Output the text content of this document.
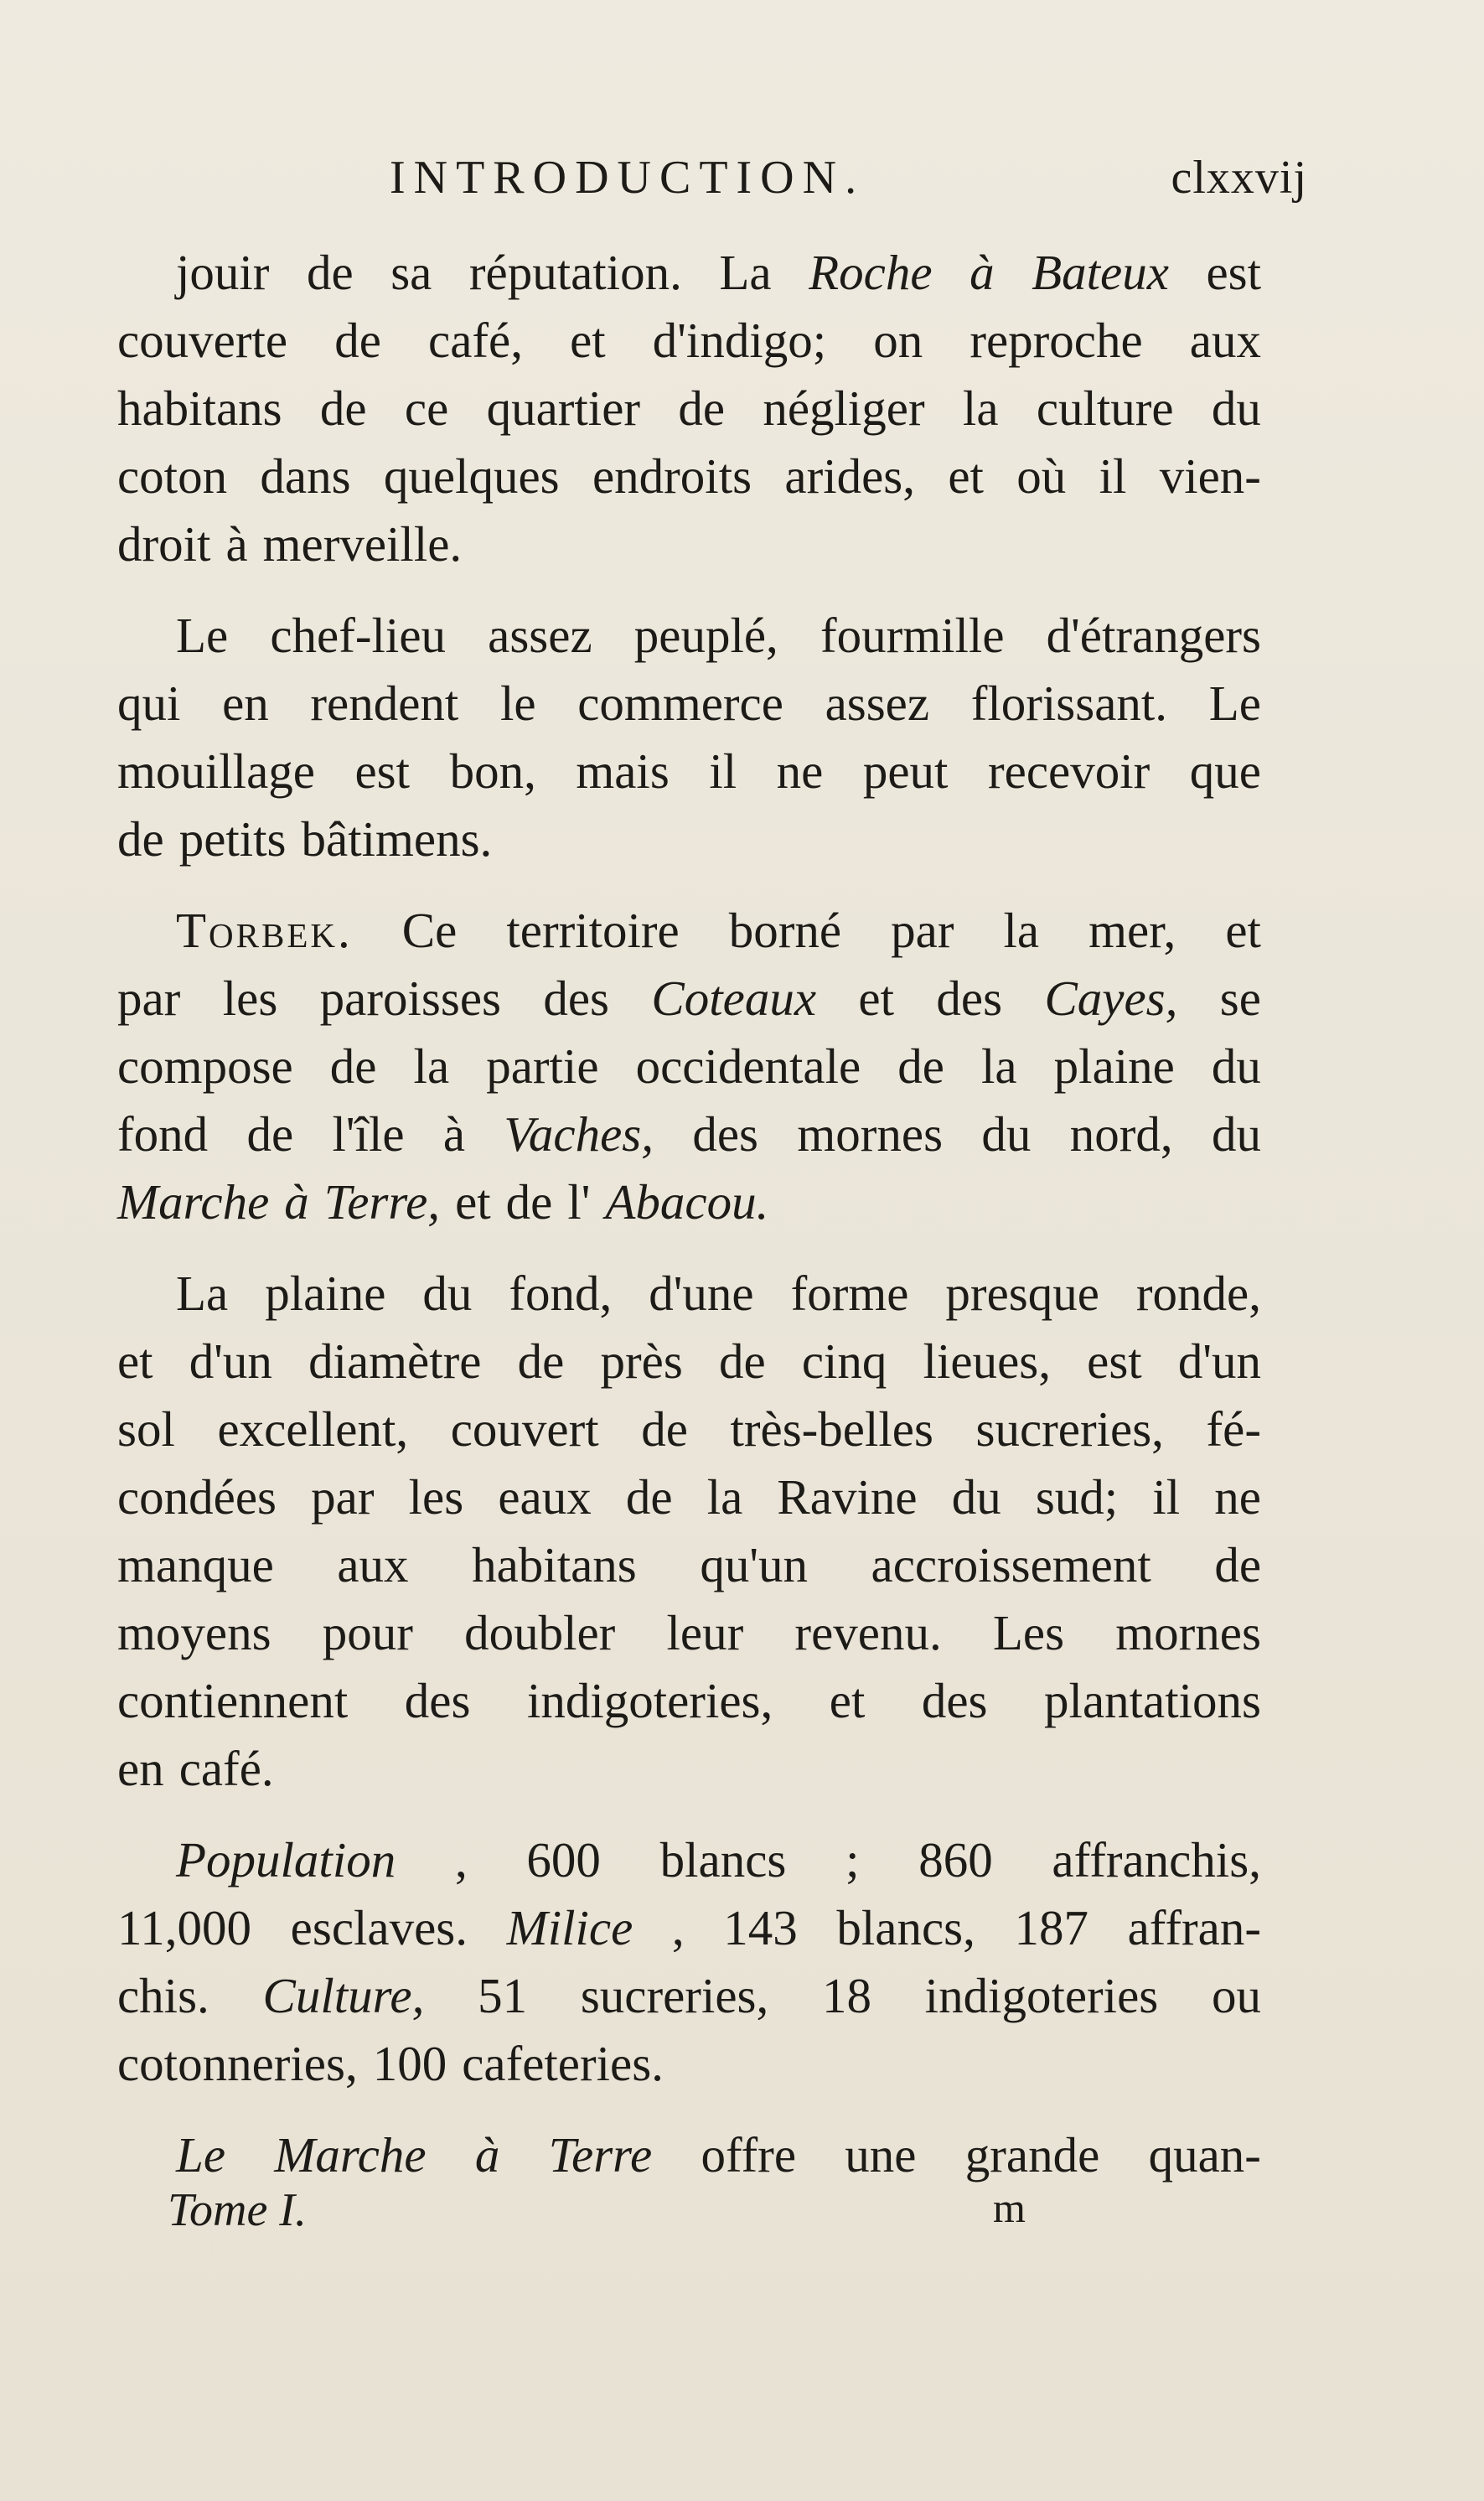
INTRODUCTION.	clxxvij
jouir de sa réputation. La Roche à Bateux est
couverte de café, et d'indigo; on reproche aux
habitans de ce quartier de négliger la culture du
coton dans quelques endroits arides, et où il vien-
droit à merveille.
Le chef-lieu assez peuplé, fourmille d'étrangers
qui en rendent le commerce assez florissant. Le
mouillage est bon, mais il ne peut recevoir que
de petits bâtimens.
Torbek. Ce territoire borné par la mer, et
par les paroisses des Coteaux et des Cayes, se
compose de la partie occidentale de la plaine du
fond de l'île à Vaches, des mornes du nord, du
Marche à Terre, et de l' Abacou.
La plaine du fond, d'une forme presque ronde,
et d'un diamètre de près de cinq lieues, est d'un
sol excellent, couvert de très-belles sucreries, fé-
condées par les eaux de la Ravine du sud; il ne
manque aux habitans qu'un accroissement de
moyens pour doubler leur revenu. Les mornes
contiennent des indigoteries, et des plantations
en café.
Population , 600 blancs ; 860 affranchis,
11,000 esclaves. Milice , 143 blancs, 187 affran-
chis. Culture, 51 sucreries, 18 indigoteries ou
cotonneries, 100 cafeteries.
Le Marche à Terre offre une grande quan-
Tome I.	m
